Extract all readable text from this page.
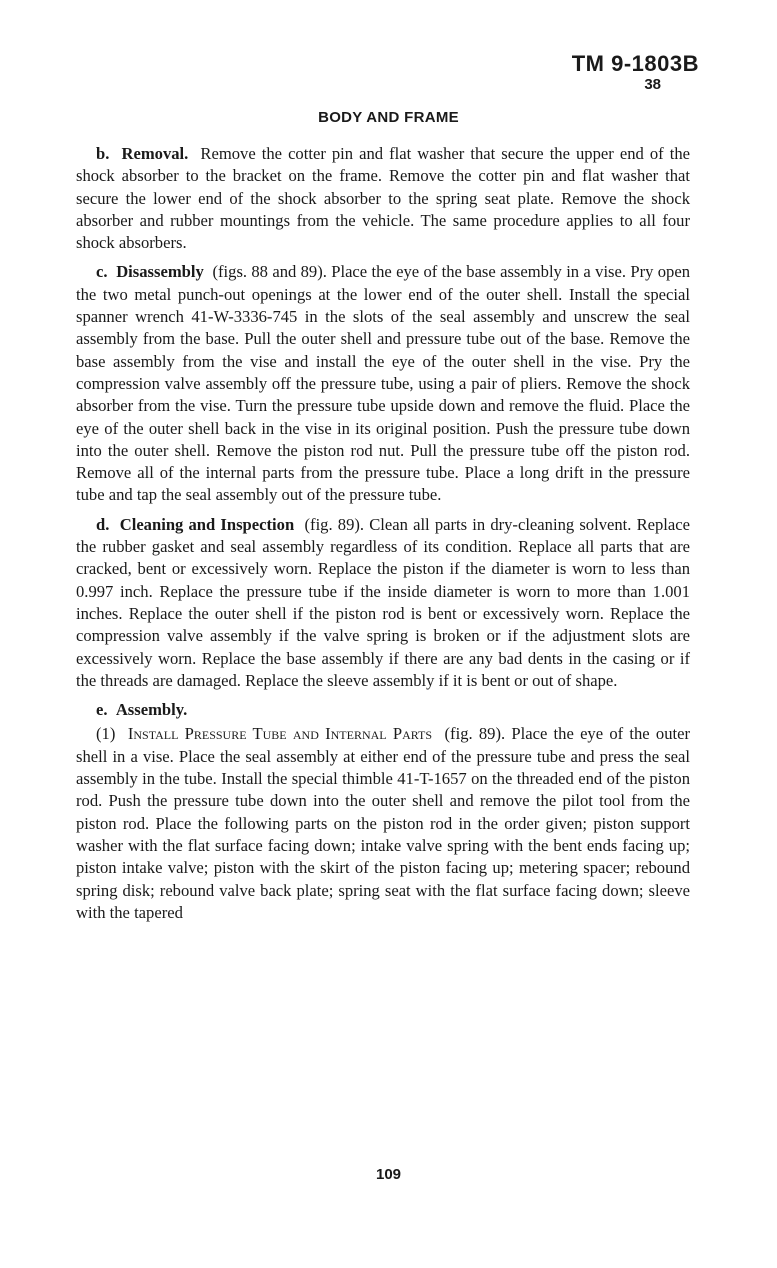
TM 9-1803B
38
BODY AND FRAME

b. Removal. Remove the cotter pin and flat washer that secure the upper end of the shock absorber to the bracket on the frame. Remove the cotter pin and flat washer that secure the lower end of the shock absorber to the spring seat plate. Remove the shock absorber and rubber mountings from the vehicle. The same procedure applies to all four shock absorbers.

c. Disassembly (figs. 88 and 89). Place the eye of the base assembly in a vise. Pry open the two metal punch-out openings at the lower end of the outer shell. Install the special spanner wrench 41-W-3336-745 in the slots of the seal assembly and unscrew the seal assembly from the base. Pull the outer shell and pressure tube out of the base. Remove the base assembly from the vise and install the eye of the outer shell in the vise. Pry the compression valve assembly off the pressure tube, using a pair of pliers. Remove the shock absorber from the vise. Turn the pressure tube upside down and remove the fluid. Place the eye of the outer shell back in the vise in its original position. Push the pressure tube down into the outer shell. Remove the piston rod nut. Pull the pressure tube off the piston rod. Remove all of the internal parts from the pressure tube. Place a long drift in the pressure tube and tap the seal assembly out of the pressure tube.

d. Cleaning and Inspection (fig. 89). Clean all parts in dry-cleaning solvent. Replace the rubber gasket and seal assembly regardless of its condition. Replace all parts that are cracked, bent or excessively worn. Replace the piston if the diameter is worn to less than 0.997 inch. Replace the pressure tube if the inside diameter is worn to more than 1.001 inches. Replace the outer shell if the piston rod is bent or excessively worn. Replace the compression valve assembly if the valve spring is broken or if the adjustment slots are excessively worn. Replace the base assembly if there are any bad dents in the casing or if the threads are damaged. Replace the sleeve assembly if it is bent or out of shape.

e. Assembly.

(1) Install Pressure Tube and Internal Parts (fig. 89). Place the eye of the outer shell in a vise. Place the seal assembly at either end of the pressure tube and press the seal assembly in the tube. Install the special thimble 41-T-1657 on the threaded end of the piston rod. Push the pressure tube down into the outer shell and remove the pilot tool from the piston rod. Place the following parts on the piston rod in the order given; piston support washer with the flat surface facing down; intake valve spring with the bent ends facing up; piston intake valve; piston with the skirt of the piston facing up; metering spacer; rebound spring disk; rebound valve back plate; spring seat with the flat surface facing down; sleeve with the tapered

109
